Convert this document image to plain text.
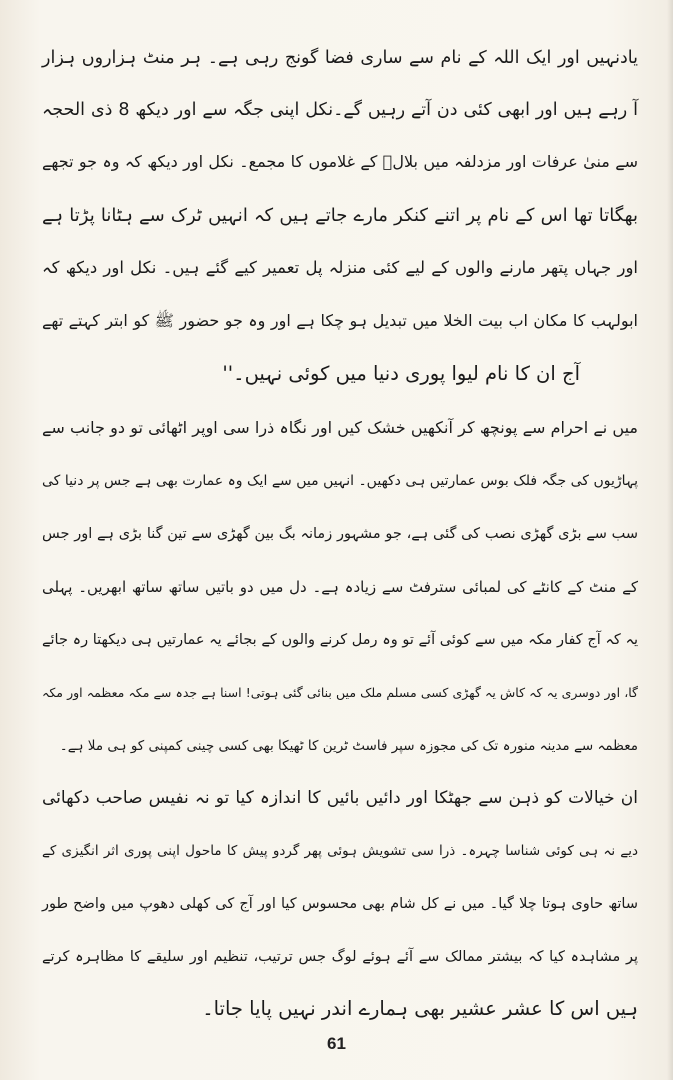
یادنہیں اور ایک اللہ کے نام سے ساری فضا گونج رہی ہے۔ ہر منٹ ہزاروں ہزار
آ رہے ہیں اور ابھی کئی دن آتے رہیں گے۔نکل اپنی جگہ سے اور دیکھ 8 ذی الحجہ
سے منیٰ عرفات اور مزدلفہ میں بلالؓ کے غلاموں کا مجمع۔ نکل اور دیکھ کہ وہ جو تجھے
بھگاتا تھا اس کے نام پر اتنے کنکر مارے جاتے ہیں کہ انہیں ٹرک سے ہٹانا پڑتا ہے
اور جہاں پتھر مارنے والوں کے لیے کئی منزلہ پل تعمیر کیے گئے ہیں۔ نکل اور دیکھ کہ
ابولہب کا مکان اب بیت الخلا میں تبدیل ہو چکا ہے اور وہ جو حضور ﷺ کو ابتر کہتے تھے
آج ان کا نام لیوا پوری دنیا میں کوئی نہیں۔''
میں نے احرام سے پونچھ کر آنکھیں خشک کیں اور نگاہ ذرا سی اوپر اٹھائی تو دو جانب سے
پہاڑیوں کی جگہ فلک بوس عمارتیں ہی دکھیں۔ انہیں میں سے ایک وہ عمارت بھی ہے جس پر دنیا کی
سب سے بڑی گھڑی نصب کی گئی ہے، جو مشہور زمانہ بگ بین گھڑی سے تین گنا بڑی ہے اور جس
کے منٹ کے کانٹے کی لمبائی سترفٹ سے زیادہ ہے۔ دل میں دو باتیں ساتھ ساتھ ابھریں۔ پہلی
یہ کہ آج کفار مکہ میں سے کوئی آئے تو وہ رمل کرنے والوں کے بجائے یہ عمارتیں ہی دیکھتا رہ جائے
گا، اور دوسری یہ کہ کاش یہ گھڑی کسی مسلم ملک میں بنائی گئی ہوتی! اسنا ہے جدہ سے مکہ معظمہ اور مکہ
معظمہ سے مدینہ منورہ تک کی مجوزہ سپر فاسٹ ٹرین کا ٹھیکا بھی کسی چینی کمپنی کو ہی ملا ہے۔
ان خیالات کو ذہن سے جھٹکا اور دائیں بائیں کا اندازہ کیا تو نہ نفیس صاحب دکھائی
دیے نہ ہی کوئی شناسا چہرہ۔ ذرا سی تشویش ہوئی پھر گردو پیش کا ماحول اپنی پوری اثر انگیزی کے
ساتھ حاوی ہوتا چلا گیا۔ میں نے کل شام بھی محسوس کیا اور آج کی کھلی دھوپ میں واضح طور
پر مشاہدہ کیا کہ بیشتر ممالک سے آئے ہوئے لوگ جس ترتیب، تنظیم اور سلیقے کا مظاہرہ کرتے
ہیں اس کا عشر عشیر بھی ہمارے اندر نہیں پایا جاتا۔
61
